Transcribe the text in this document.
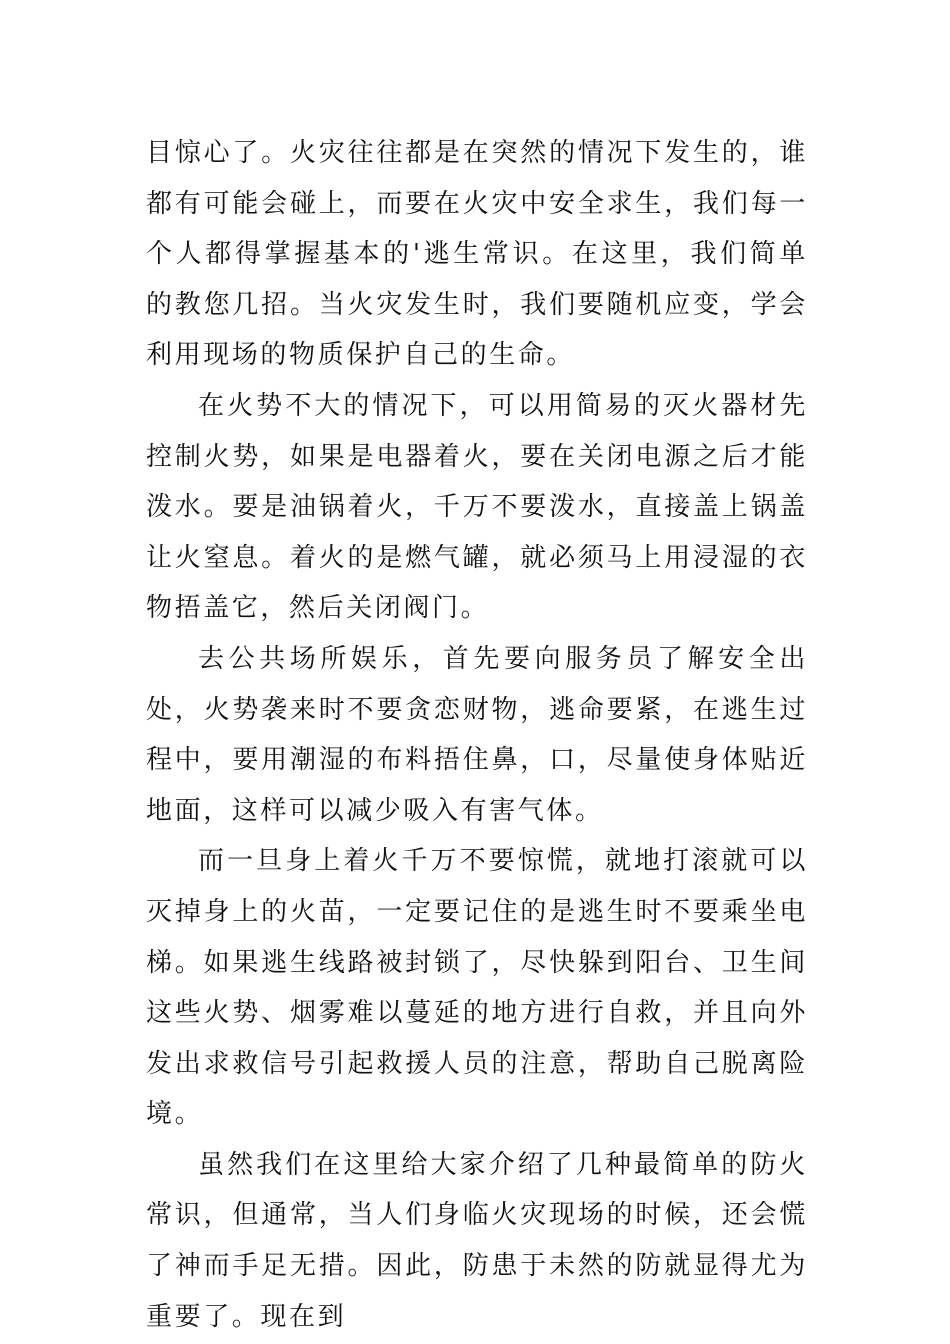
目惊心了。火灾往往都是在突然的情况下发生的，谁都有可能会碰上，而要在火灾中安全求生，我们每一个人都得掌握基本的'逃生常识。在这里，我们简单的教您几招。当火灾发生时，我们要随机应变，学会利用现场的物质保护自己的生命。

在火势不大的情况下，可以用简易的灭火器材先控制火势，如果是电器着火，要在关闭电源之后才能泼水。要是油锅着火，千万不要泼水，直接盖上锅盖让火窒息。着火的是燃气罐，就必须马上用浸湿的衣物捂盖它，然后关闭阀门。

去公共场所娱乐，首先要向服务员了解安全出处，火势袭来时不要贪恋财物，逃命要紧，在逃生过程中，要用潮湿的布料捂住鼻，口，尽量使身体贴近地面，这样可以减少吸入有害气体。

而一旦身上着火千万不要惊慌，就地打滚就可以灭掉身上的火苗，一定要记住的是逃生时不要乘坐电梯。如果逃生线路被封锁了，尽快躲到阳台、卫生间这些火势、烟雾难以蔓延的地方进行自救，并且向外发出求救信号引起救援人员的注意，帮助自己脱离险境。

虽然我们在这里给大家介绍了几种最简单的防火常识，但通常，当人们身临火灾现场的时候，还会慌了神而手足无措。因此，防患于未然的防就显得尤为重要了。现在到
